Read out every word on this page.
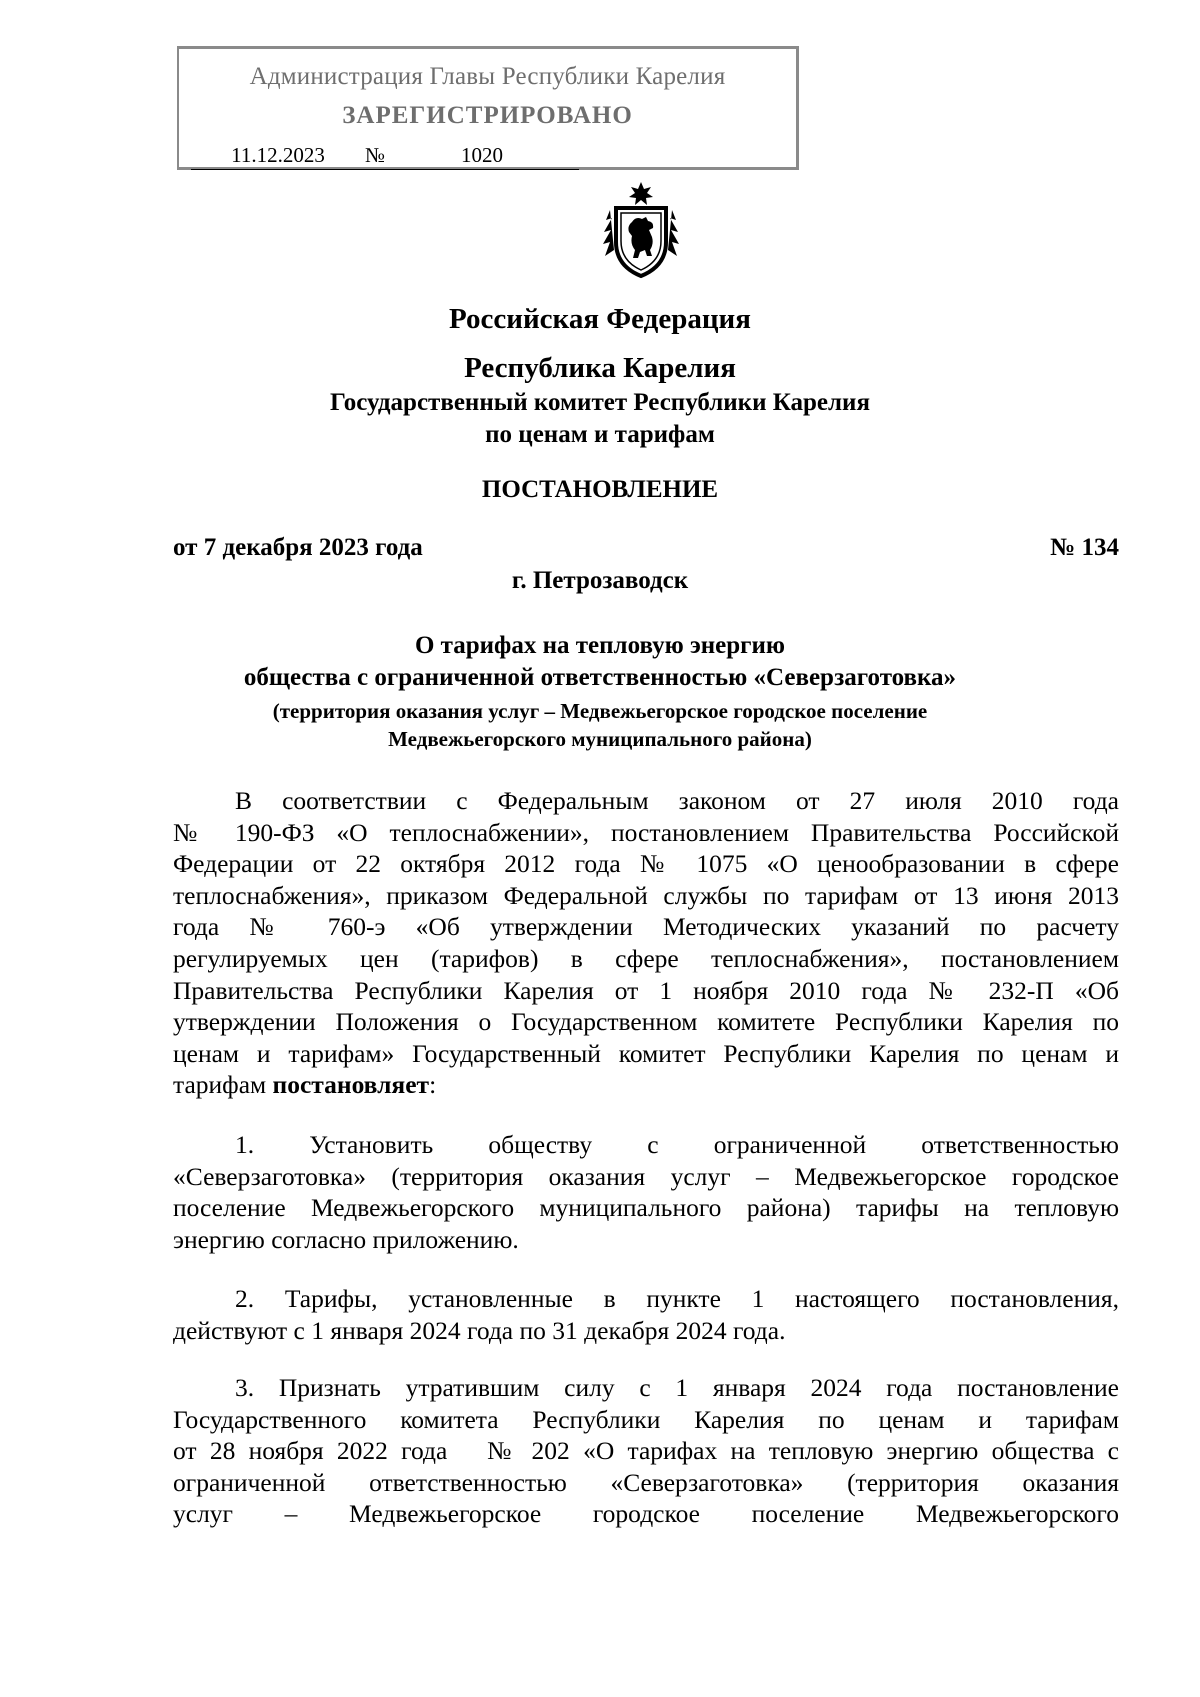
Администрация Главы Республики Карелия
ЗАРЕГИСТРИРОВАНО
11.12.2023 №	1020
Российская Федерация
Республика Карелия
Государственный комитет Республики Карелия
по ценам и тарифам
ПОСТАНОВЛЕНИЕ
от 7 декабря 2023 года	№ 134
г. Петрозаводск
О тарифах на тепловую энергию
общества с ограниченной ответственностью «Северзаготовка»
(территория оказания услуг – Медвежьегорское городское поселение
Медвежьегорского муниципального района)
В соответствии с Федеральным законом от 27 июля 2010 года
№ 190-ФЗ «О теплоснабжении», постановлением Правительства Российской
Федерации от 22 октября 2012 года № 1075 «О ценообразовании в сфере
теплоснабжения», приказом Федеральной службы по тарифам от 13 июня 2013
года № 760-э «Об утверждении Методических указаний по расчету
регулируемых цен (тарифов) в сфере теплоснабжения», постановлением
Правительства Республики Карелия от 1 ноября 2010 года № 232-П «Об
утверждении Положения о Государственном комитете Республики Карелия по
ценам и тарифам» Государственный комитет Республики Карелия по ценам и
тарифам постановляет:
1. Установить обществу с ограниченной ответственностью
«Северзаготовка» (территория оказания услуг – Медвежьегорское городское
поселение Медвежьегорского муниципального района) тарифы на тепловую
энергию согласно приложению.
2. Тарифы, установленные в пункте 1 настоящего постановления,
действуют с 1 января 2024 года по 31 декабря 2024 года.
3. Признать утратившим силу с 1 января 2024 года постановление
Государственного комитета Республики Карелия по ценам и тарифам
от 28 ноября 2022 года   № 202 «О тарифах на тепловую энергию общества с
ограниченной ответственностью «Северзаготовка» (территория оказания
услуг – Медвежьегорское городское поселение Медвежьегорского
